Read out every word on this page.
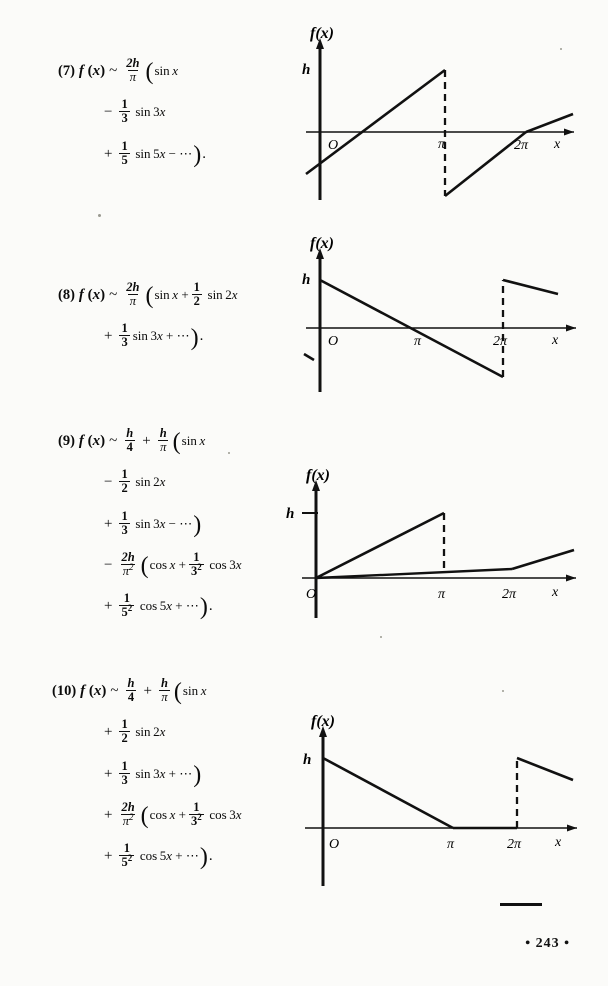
(7) f ( x ) ~ $\frac{2h}{\pi}$ ( sin x
− $\frac{1}{3}$  sin 3x
+ $\frac{1}{5}$  sin 5x − ⋯ ) .
f(x)
h
O	π	2π x
(8) f ( x ) ~ $\frac{2h}{\pi}$ ( $\sin x + \frac{1}{2}$  sin 2x
+ $\frac{1}{3}$ sin 3x + ⋯ ) .
f(x)
h
O	π	2π	x
(9) f ( x ) ~ $\frac{h}{4} + \frac{h}{\pi}$ ( sin x
− $\frac{1}{2}$  sin 2x
+ $\frac{1}{3}$  sin 3x − ⋯ )
− $\frac{2h}{\pi^2}$ ( $\cos x + \frac{1}{3^2}$  cos 3x
+ $\frac{1}{5^2}$  cos 5x + ⋯ ) .
f(x)
h
O	π	2π	x
(10) f ( x ) ~ $\frac{h}{4} + \frac{h}{\pi}$ ( sin x
+ $\frac{1}{2}$  sin 2x
+ $\frac{1}{3}$  sin 3x + ⋯ )
+ $\frac{2h}{\pi^2}$ ( $\cos x + \frac{1}{3^2}$  cos 3x
+ $\frac{1}{5^2}$  cos 5x + ⋯ ) .
f(x)
h
O	π	2π x
• 243 •
